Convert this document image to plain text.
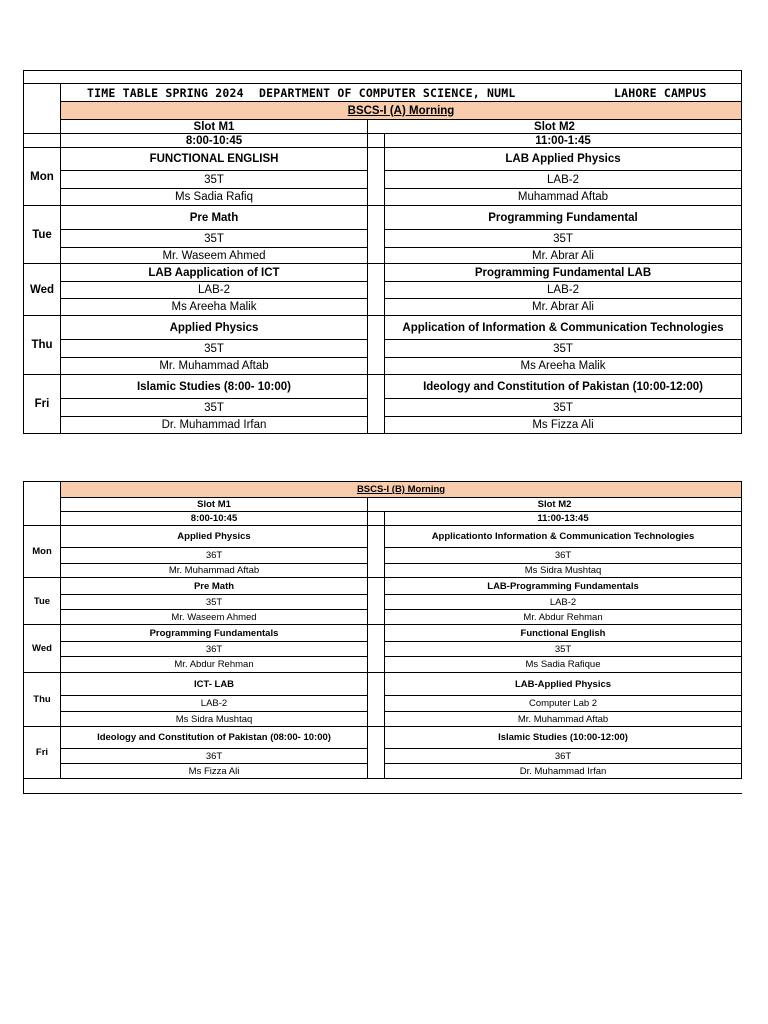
	TIME TABLE SPRING 2024 DEPARTMENT OF COMPUTER SCIENCE, NUML LAHORE CAMPUS		
	BSCS-I (A) Morning		
	Slot M1	Slot M2	
	8:00-10:45		11:00-1:45
Mon	FUNCTIONAL ENGLISH		LAB Applied Physics
	35T		LAB-2
	Ms Sadia Rafiq		Muhammad Aftab
Tue	Pre Math		Programming Fundamental
	35T		35T
	Mr. Waseem Ahmed		Mr. Abrar Ali
Wed	LAB Aapplication of ICT		Programming Fundamental LAB
	LAB-2		LAB-2
	Ms Areeha Malik		Mr. Abrar Ali
Thu	Applied Physics		Application of Information & Communication Technologies
	35T		35T
	Mr. Muhammad Aftab		Ms Areeha Malik
Fri	Islamic Studies (8:00- 10:00)		Ideology and Constitution of Pakistan (10:00-12:00)
	35T		35T
	Dr. Muhammad Irfan		Ms Fizza Ali
	BSCS-I (B) Morning		
	Slot M1	Slot M2	
	8:00-10:45		11:00-13:45
Mon	Applied Physics		Applicationto Information & Communication Technologies
	36T		36T
	Mr. Muhammad Aftab		Ms Sidra Mushtaq
Tue	Pre Math		LAB-Programming Fundamentals
	35T		LAB-2
	Mr. Waseem Ahmed		Mr. Abdur Rehman
Wed	Programming Fundamentals		Functional English
	36T		35T
	Mr. Abdur Rehman		Ms Sadia Rafique
Thu	ICT- LAB		LAB-Applied Physics
	LAB-2		Computer Lab 2
	Ms Sidra Mushtaq		Mr. Muhammad Aftab
Fri	Ideology and Constitution of Pakistan (08:00- 10:00)		Islamic Studies (10:00-12:00)
	36T		36T
	Ms Fizza Ali		Dr. Muhammad Irfan
